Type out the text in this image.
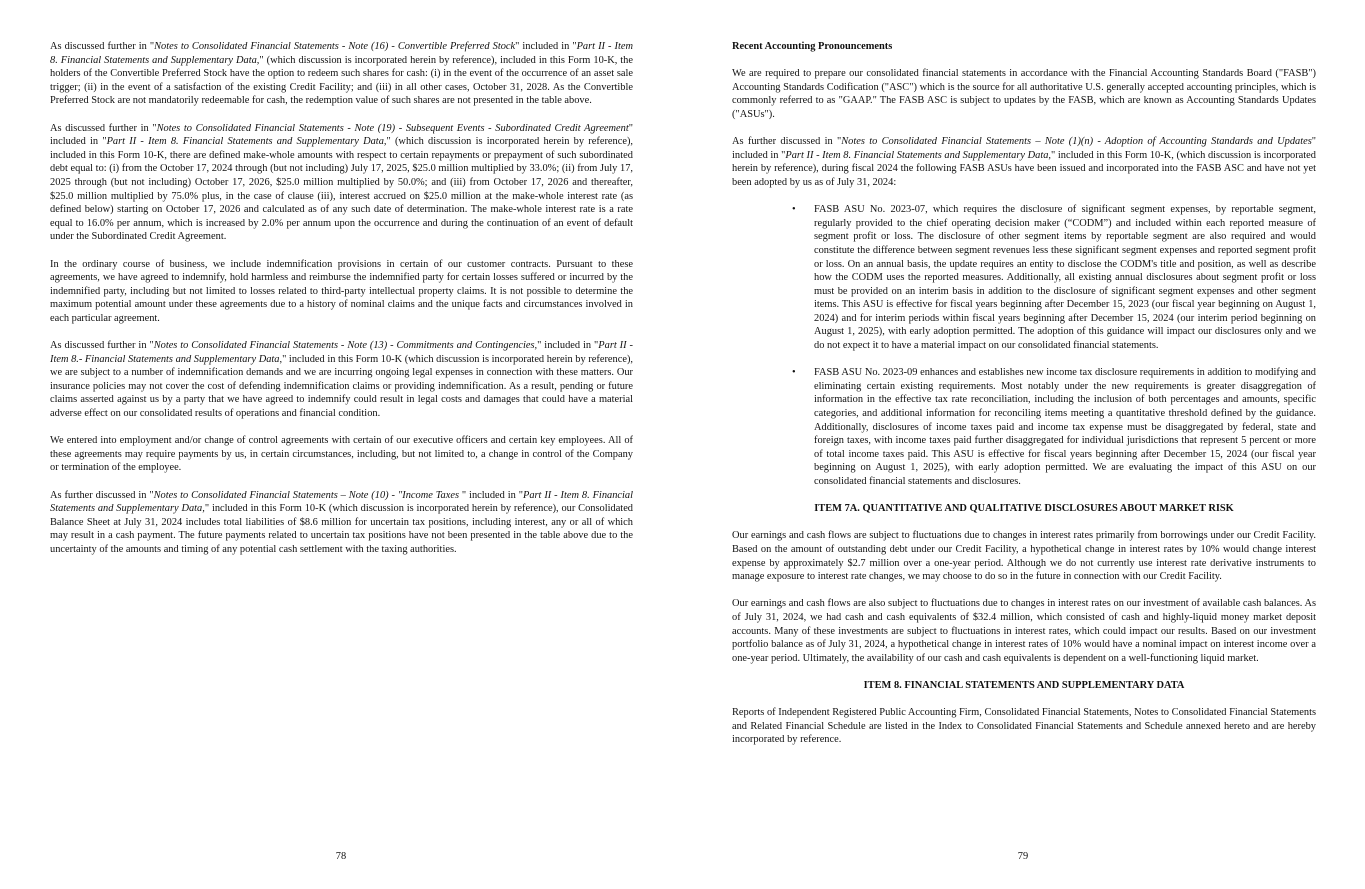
As discussed further in "Notes to Consolidated Financial Statements - Note (16) - Convertible Preferred Stock" included in "Part II - Item 8. Financial Statements and Supplementary Data," (which discussion is incorporated herein by reference), included in this Form 10-K, the holders of the Convertible Preferred Stock have the option to redeem such shares for cash: (i) in the event of the occurrence of an asset sale trigger; (ii) in the event of a satisfaction of the existing Credit Facility; and (iii) in all other cases, October 31, 2028. As the Convertible Preferred Stock are not mandatorily redeemable for cash, the redemption value of such shares are not presented in the table above.

As discussed further in "Notes to Consolidated Financial Statements - Note (19) - Subsequent Events - Subordinated Credit Agreement" included in "Part II - Item 8. Financial Statements and Supplementary Data," (which discussion is incorporated herein by reference), included in this Form 10-K, there are defined make-whole amounts with respect to certain repayments or prepayment of such subordinated debt equal to: (i) from the October 17, 2024 through (but not including) July 17, 2025, $25.0 million multiplied by 33.0%; (ii) from July 17, 2025 through (but not including) October 17, 2026, $25.0 million multiplied by 50.0%; and (iii) from October 17, 2026 and thereafter, $25.0 million multiplied by 75.0% plus, in the case of clause (iii), interest accrued on $25.0 million at the make-whole interest rate (as defined below) starting on October 17, 2026 and calculated as of any such date of determination. The make-whole interest rate is a rate equal to 16.0% per annum, which is increased by 2.0% per annum upon the occurrence and during the continuation of an event of default under the Subordinated Credit Agreement.

In the ordinary course of business, we include indemnification provisions in certain of our customer contracts. Pursuant to these agreements, we have agreed to indemnify, hold harmless and reimburse the indemnified party for certain losses suffered or incurred by the indemnified party, including but not limited to losses related to third-party intellectual property claims. It is not possible to determine the maximum potential amount under these agreements due to a history of nominal claims and the unique facts and circumstances involved in each particular agreement.

As discussed further in "Notes to Consolidated Financial Statements - Note (13) - Commitments and Contingencies," included in "Part II - Item 8.- Financial Statements and Supplementary Data," included in this Form 10-K (which discussion is incorporated herein by reference), we are subject to a number of indemnification demands and we are incurring ongoing legal expenses in connection with these matters. Our insurance policies may not cover the cost of defending indemnification claims or providing indemnification. As a result, pending or future claims asserted against us by a party that we have agreed to indemnify could result in legal costs and damages that could have a material adverse effect on our consolidated results of operations and financial condition.

We entered into employment and/or change of control agreements with certain of our executive officers and certain key employees. All of these agreements may require payments by us, in certain circumstances, including, but not limited to, a change in control of the Company or termination of the employee.

As further discussed in "Notes to Consolidated Financial Statements – Note (10) - "Income Taxes " included in "Part II - Item 8. Financial Statements and Supplementary Data," included in this Form 10-K (which discussion is incorporated herein by reference), our Consolidated Balance Sheet at July 31, 2024 includes total liabilities of $8.6 million for uncertain tax positions, including interest, any or all of which may result in a cash payment. The future payments related to uncertain tax positions have not been presented in the table above due to the uncertainty of the amounts and timing of any potential cash settlement with the taxing authorities.

78
Recent Accounting Pronouncements

We are required to prepare our consolidated financial statements in accordance with the Financial Accounting Standards Board ("FASB") Accounting Standards Codification ("ASC") which is the source for all authoritative U.S. generally accepted accounting principles, which is commonly referred to as "GAAP." The FASB ASC is subject to updates by the FASB, which are known as Accounting Standards Updates ("ASUs").

As further discussed in "Notes to Consolidated Financial Statements – Note (1)(n) - Adoption of Accounting Standards and Updates" included in "Part II - Item 8. Financial Statements and Supplementary Data," included in this Form 10-K, (which discussion is incorporated herein by reference), during fiscal 2024 the following FASB ASUs have been issued and incorporated into the FASB ASC and have not yet been adopted by us as of July 31, 2024:

• FASB ASU No. 2023-07, which requires the disclosure of significant segment expenses, by reportable segment, regularly provided to the chief operating decision maker (“CODM”) and included within each reported measure of segment profit or loss. The disclosure of other segment items by reportable segment are also required and would constitute the difference between segment revenues less these significant segment expenses and reported segment profit or loss. On an annual basis, the update requires an entity to disclose the CODM's title and position, as well as describe how the CODM uses the reported measures. Additionally, all existing annual disclosures about segment profit or loss must be provided on an interim basis in addition to the disclosure of significant segment expenses and other segment items. This ASU is effective for fiscal years beginning after December 15, 2023 (our fiscal year beginning on August 1, 2024) and for interim periods within fiscal years beginning after December 15, 2024 (our interim period beginning on August 1, 2025), with early adoption permitted. The adoption of this guidance will impact our disclosures only and we do not expect it to have a material impact on our consolidated financial statements.
• FASB ASU No. 2023-09 enhances and establishes new income tax disclosure requirements in addition to modifying and eliminating certain existing requirements. Most notably under the new requirements is greater disaggregation of information in the effective tax rate reconciliation, including the inclusion of both percentages and amounts, specific categories, and additional information for reconciling items meeting a quantitative threshold defined by the guidance. Additionally, disclosures of income taxes paid and income tax expense must be disaggregated by federal, state and foreign taxes, with income taxes paid further disaggregated for individual jurisdictions that represent 5 percent or more of total income taxes paid. This ASU is effective for fiscal years beginning after December 15, 2024 (our fiscal year beginning on August 1, 2025), with early adoption permitted. We are evaluating the impact of this ASU on our consolidated financial statements and disclosures.
ITEM 7A. QUANTITATIVE AND QUALITATIVE DISCLOSURES ABOUT MARKET RISK

Our earnings and cash flows are subject to fluctuations due to changes in interest rates primarily from borrowings under our Credit Facility. Based on the amount of outstanding debt under our Credit Facility, a hypothetical change in interest rates by 10% would change interest expense by approximately $2.7 million over a one-year period. Although we do not currently use interest rate derivative instruments to manage exposure to interest rate changes, we may choose to do so in the future in connection with our Credit Facility.

Our earnings and cash flows are also subject to fluctuations due to changes in interest rates on our investment of available cash balances. As of July 31, 2024, we had cash and cash equivalents of $32.4 million, which consisted of cash and highly-liquid money market deposit accounts. Many of these investments are subject to fluctuations in interest rates, which could impact our results. Based on our investment portfolio balance as of July 31, 2024, a hypothetical change in interest rates of 10% would have a nominal impact on interest income over a one-year period. Ultimately, the availability of our cash and cash equivalents is dependent on a well-functioning liquid market.

ITEM 8. FINANCIAL STATEMENTS AND SUPPLEMENTARY DATA

Reports of Independent Registered Public Accounting Firm, Consolidated Financial Statements, Notes to Consolidated Financial Statements and Related Financial Schedule are listed in the Index to Consolidated Financial Statements and Schedule annexed hereto and are hereby incorporated by reference.

79
